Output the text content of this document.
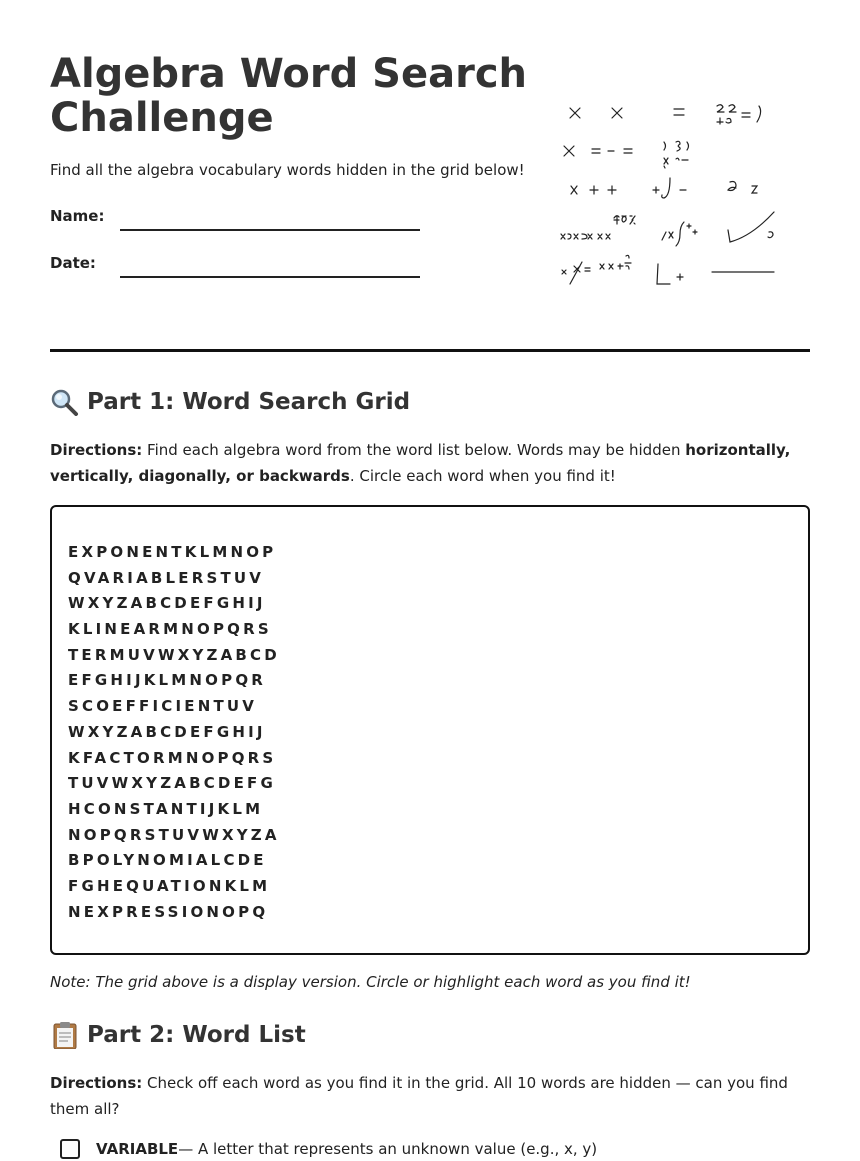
Algebra Word Search Challenge
Find all the algebra vocabulary words hidden in the grid below!
Name:
Date:
Part 1: Word Search Grid
Directions: Find each algebra word from the word list below. Words may be hidden horizontally, vertically, diagonally, or backwards. Circle each word when you find it!
EXPONENTKLMNOP
QVARIABLERSTUV
WXYZABCDEFGHIJ
KLINEARMNOPQRS
TERMUVWXYZABCD
EFGHIJKLMNOPQR
SCOEFFICIENTUV
WXYZABCDEFGHIJ
KFACTORMNOPQRS
TUVWXYZABCDEFG
HCONSTANTIJKLM
NOPQRSTUVWXYZA
BPOLYNOMIALCDE
FGHEQUATIONKLM
NEXPRESSIONOPQ
Note: The grid above is a display version. Circle or highlight each word as you find it!
Part 2: Word List
Directions: Check off each word as you find it in the grid. All 10 words are hidden — can you find them all?
VARIABLE — A letter that represents an unknown value (e.g., x, y)
